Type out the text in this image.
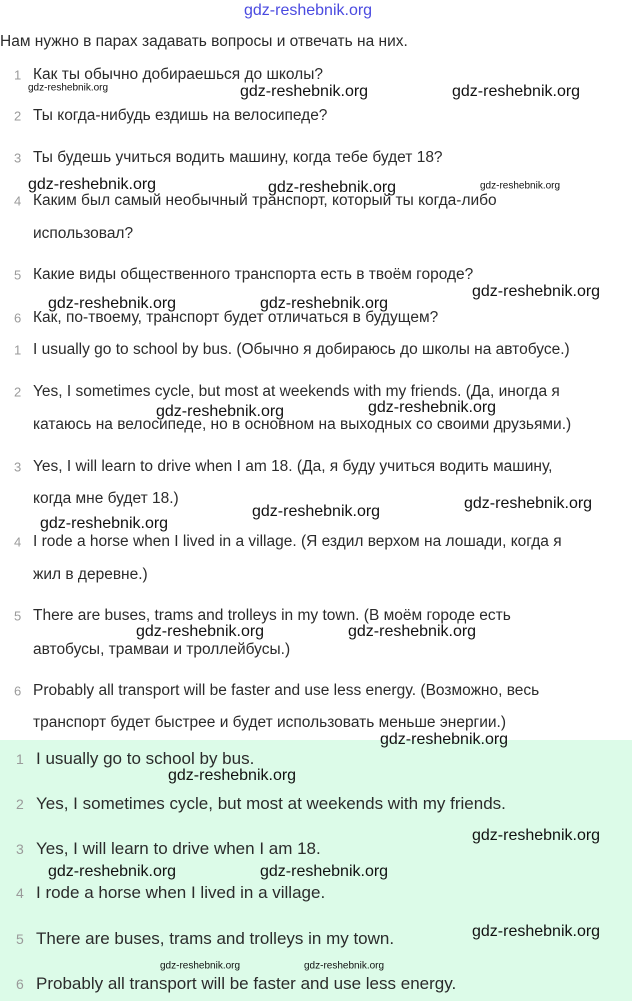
gdz-reshebnik.org
Нам нужно в парах задавать вопросы и отвечать на них.
1 Как ты обычно добираешься до школы?
2 Ты когда-нибудь ездишь на велосипеде?
3 Ты будешь учиться водить машину, когда тебе будет 18?
4 Каким был самый необычный транспорт, который ты когда-либо
использовал?
5 Какие виды общественного транспорта есть в твоём городе?
6 Как, по-твоему, транспорт будет отличаться в будущем?
1 I usually go to school by bus. (Обычно я добираюсь до школы на автобусе.)
2 Yes, I sometimes cycle, but most at weekends with my friends. (Да, иногда я
катаюсь на велосипеде, но в основном на выходных со своими друзьями.)
3 Yes, I will learn to drive when I am 18. (Да, я буду учиться водить машину,
когда мне будет 18.)
4 I rode a horse when I lived in a village. (Я ездил верхом на лошади, когда я
жил в деревне.)
5 There are buses, trams and trolleys in my town. (В моём городе есть
автобусы, трамваи и троллейбусы.)
6 Probably all transport will be faster and use less energy. (Возможно, весь
транспорт будет быстрее и будет использовать меньше энергии.)
1 I usually go to school by bus.
2 Yes, I sometimes cycle, but most at weekends with my friends.
3 Yes, I will learn to drive when I am 18.
4 I rode a horse when I lived in a village.
5 There are buses, trams and trolleys in my town.
6 Probably all transport will be faster and use less energy.
gdz-reshebnik.org	gdz-reshebnik.org	gdz-reshebnik.org
gdz-reshebnik.org	gdz-reshebnik.org	gdz-reshebnik.org
gdz-reshebnik.org	gdz-reshebnik.org
gdz-reshebnik.org
gdz-reshebnik.org	gdz-reshebnik.org
gdz-reshebnik.org
gdz-reshebnik.org
gdz-reshebnik.org
gdz-reshebnik.org	gdz-reshebnik.org
gdz-reshebnik.org
gdz-reshebnik.org
gdz-reshebnik.org
gdz-reshebnik.org	gdz-reshebnik.org
gdz-reshebnik.org
gdz-reshebnik.org	gdz-reshebnik.org
